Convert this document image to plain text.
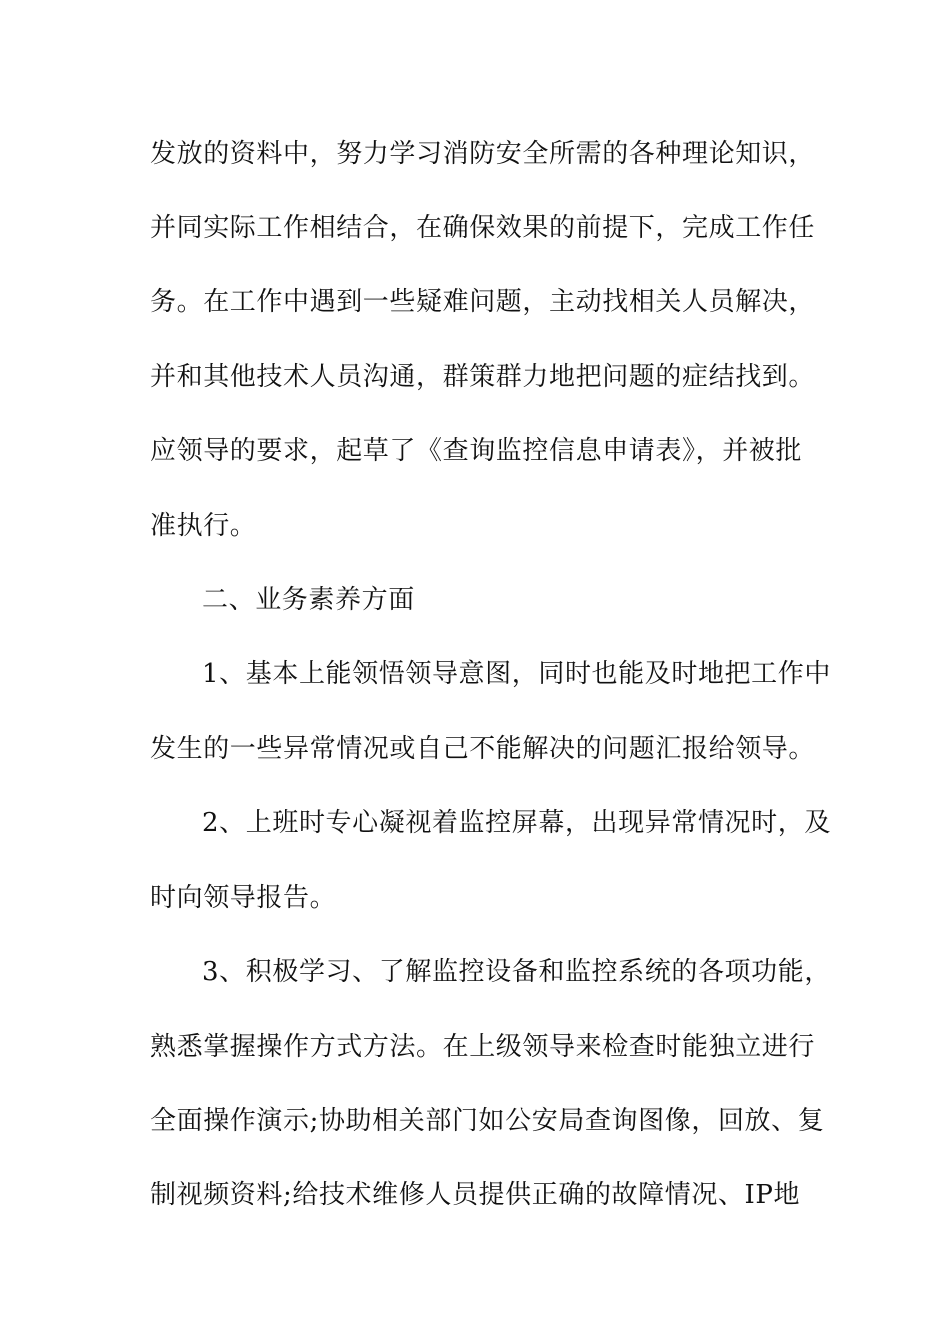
发放的资料中，努力学习消防安全所需的各种理论知识，
并同实际工作相结合，在确保效果的前提下，完成工作任
务。在工作中遇到一些疑难问题，主动找相关人员解决，
并和其他技术人员沟通，群策群力地把问题的症结找到。
应领导的要求，起草了《查询监控信息申请表》，并被批
准执行。
二、业务素养方面
1、基本上能领悟领导意图，同时也能及时地把工作中
发生的一些异常情况或自己不能解决的问题汇报给领导。
2、上班时专心凝视着监控屏幕，出现异常情况时，及
时向领导报告。
3、积极学习、了解监控设备和监控系统的各项功能，
熟悉掌握操作方式方法。在上级领导来检查时能独立进行
全面操作演示;协助相关部门如公安局查询图像，回放、复
制视频资料;给技术维修人员提供正确的故障情况、IP地
